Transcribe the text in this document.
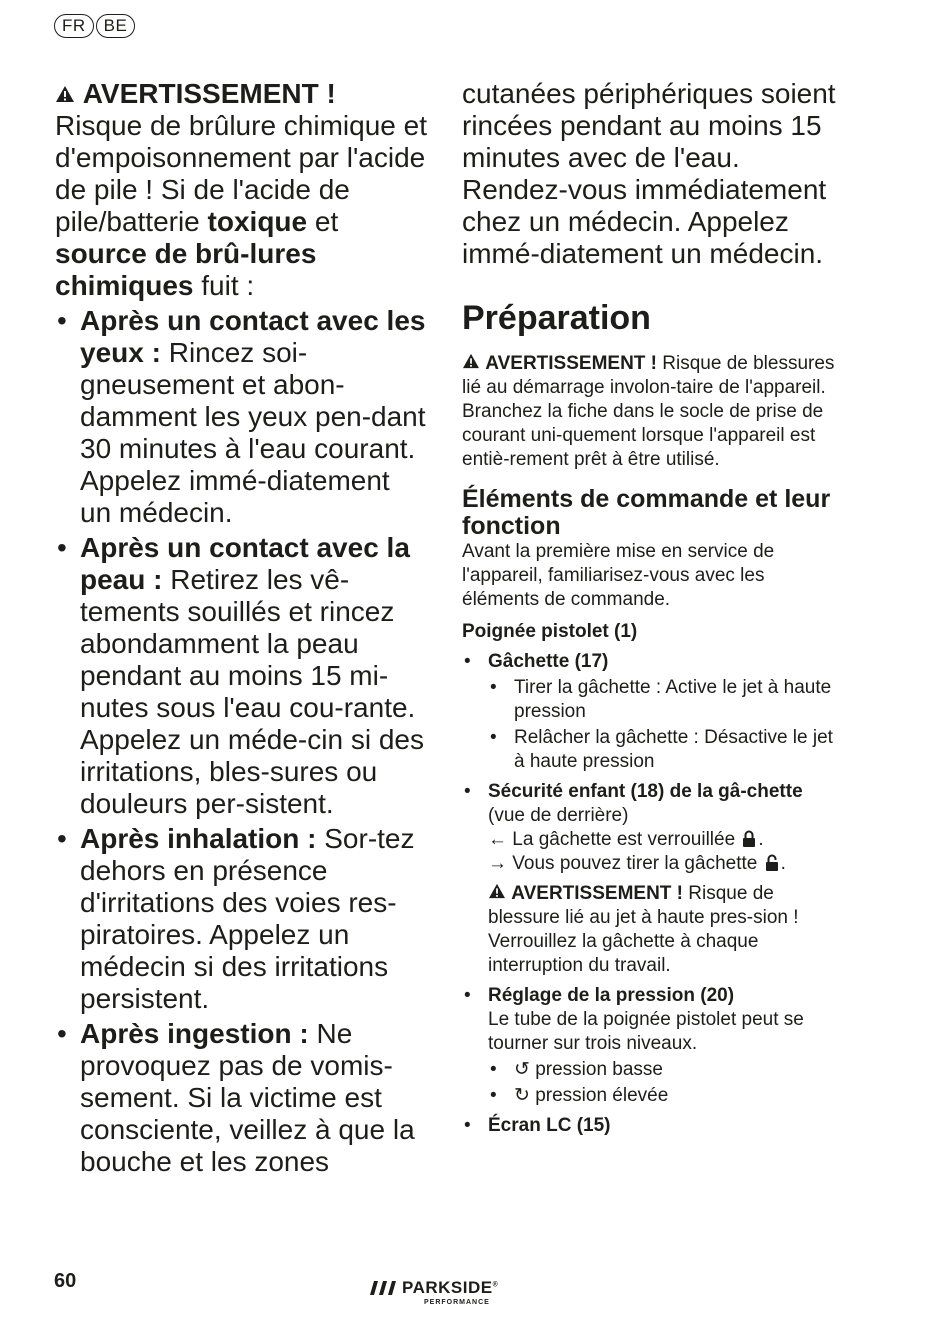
FR	BE

AVERTISSEMENT !
Risque de brûlure chimique et d'empoisonnement par l'acide de pile ! Si de l'acide de pile/batterie toxique et source de brû-lures chimiques fuit :

• Après un contact avec les yeux : Rincez soi-gneusement et abon-damment les yeux pen-dant 30 minutes à l'eau courant. Appelez immé-diatement un médecin.
• Après un contact avec la peau : Retirez les vê-tements souillés et rincez abondamment la peau pendant au moins 15 mi-nutes sous l'eau cou-rante. Appelez un méde-cin si des irritations, bles-sures ou douleurs per-sistent.
• Après inhalation : Sor-tez dehors en présence d'irritations des voies res-piratoires. Appelez un médecin si des irritations persistent.
• Après ingestion : Ne provoquez pas de vomis-sement. Si la victime est consciente, veillez à que la bouche et les zones

cutanées périphériques soient rincées pendant au moins 15 minutes avec de l'eau. Rendez-vous immédiatement chez un médecin. Appelez immé-diatement un médecin.

Préparation

AVERTISSEMENT ! Risque de blessures lié au démarrage involon-taire de l'appareil. Branchez la fiche dans le socle de prise de courant uni-quement lorsque l'appareil est entiè-rement prêt à être utilisé.

Éléments de commande et leur fonction

Avant la première mise en service de l'appareil, familiarisez-vous avec les éléments de commande.

Poignée pistolet (1)

• Gâchette (17)
• Tirer la gâchette : Active le jet à haute pression
• Relâcher la gâchette : Désactive le jet à haute pression
• Sécurité enfant (18) de la gâ-chette (vue de derrière)
← La gâchette est verrouillée .
→ Vous pouvez tirer la gâchette .

AVERTISSEMENT ! Risque de blessure lié au jet à haute pres-sion ! Verrouillez la gâchette à chaque interruption du travail.

• Réglage de la pression (20)

Le tube de la poignée pistolet peut se tourner sur trois niveaux.

• ↺ pression basse
• ↻ pression élevée
• Écran LC (15)
60	PARKSIDE®
PERFORMANCE
